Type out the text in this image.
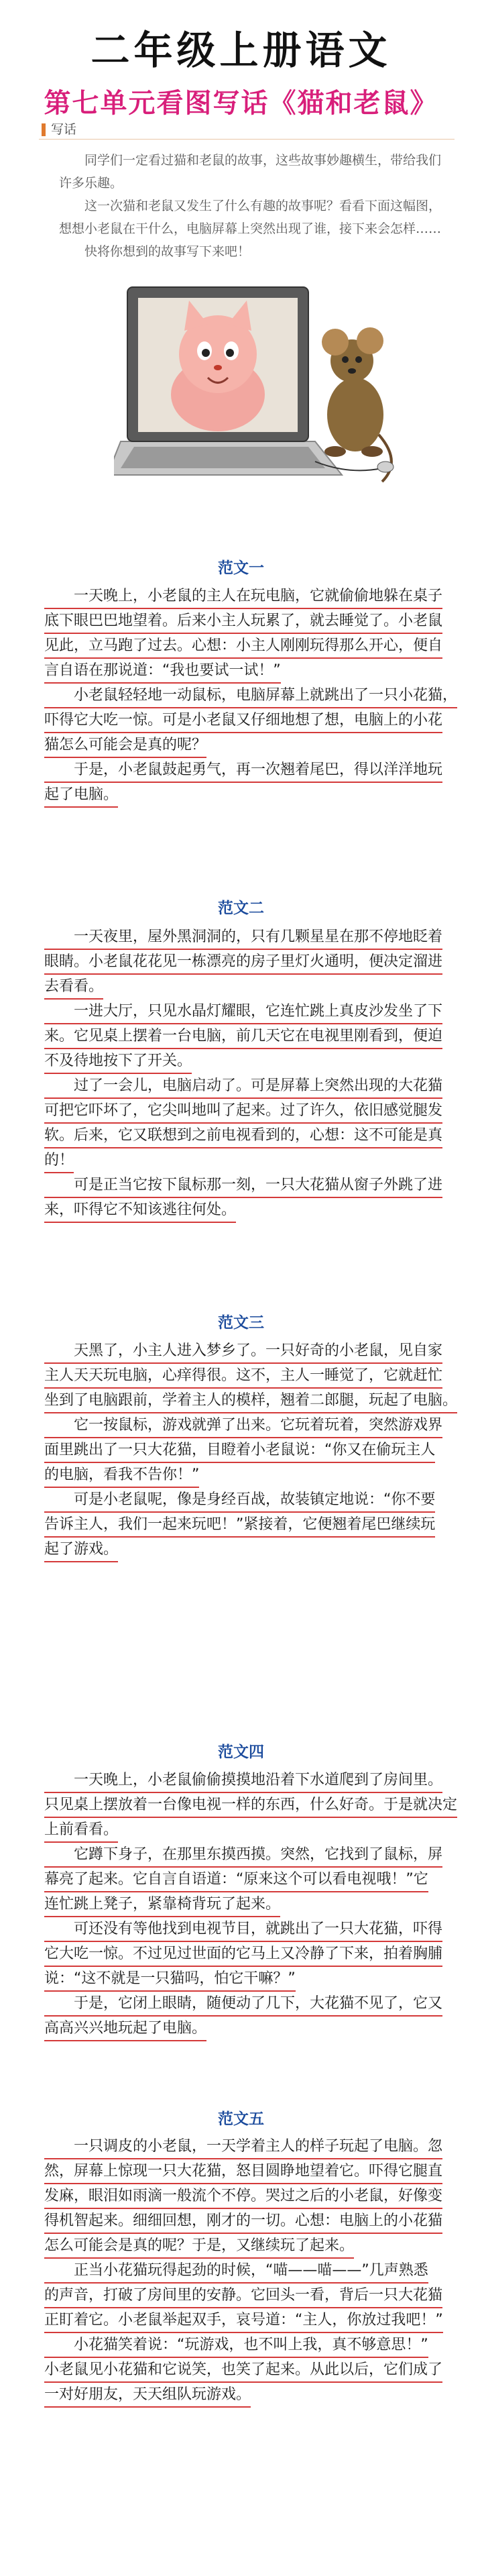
二年级上册语文
第七单元看图写话《猫和老鼠》
写话

同学们一定看过猫和老鼠的故事，这些故事妙趣横生，带给我们许多乐趣。

这一次猫和老鼠又发生了什么有趣的故事呢？看看下面这幅图，想想小老鼠在干什么，电脑屏幕上突然出现了谁，接下来会怎样……

快将你想到的故事写下来吧！

范文一
一天晚上，小老鼠的主人在玩电脑，它就偷偷地躲在桌子
底下眼巴巴地望着。后来小主人玩累了，就去睡觉了。小老鼠
见此，立马跑了过去。心想：小主人刚刚玩得那么开心，便自
言自语在那说道：“我也要试一试！”
小老鼠轻轻地一动鼠标，电脑屏幕上就跳出了一只小花猫，
吓得它大吃一惊。可是小老鼠又仔细地想了想，电脑上的小花
猫怎么可能会是真的呢？
于是，小老鼠鼓起勇气，再一次翘着尾巴，得以洋洋地玩
起了电脑。
范文二
一天夜里，屋外黑洞洞的，只有几颗星星在那不停地眨着
眼睛。小老鼠花花见一栋漂亮的房子里灯火通明，便决定溜进
去看看。
一进大厅，只见水晶灯耀眼，它连忙跳上真皮沙发坐了下
来。它见桌上摆着一台电脑，前几天它在电视里刚看到，便迫
不及待地按下了开关。
过了一会儿，电脑启动了。可是屏幕上突然出现的大花猫
可把它吓坏了，它尖叫地叫了起来。过了许久，依旧感觉腿发
软。后来，它又联想到之前电视看到的，心想：这不可能是真
的！
可是正当它按下鼠标那一刻，一只大花猫从窗子外跳了进
来，吓得它不知该逃往何处。
范文三
天黑了，小主人进入梦乡了。一只好奇的小老鼠，见自家
主人天天玩电脑，心痒得很。这不，主人一睡觉了，它就赶忙
坐到了电脑跟前，学着主人的模样，翘着二郎腿，玩起了电脑。
它一按鼠标，游戏就弹了出来。它玩着玩着，突然游戏界
面里跳出了一只大花猫，目瞪着小老鼠说：“你又在偷玩主人
的电脑，看我不告你！”
可是小老鼠呢，像是身经百战，故装镇定地说：“你不要
告诉主人，我们一起来玩吧！”紧接着，它便翘着尾巴继续玩
起了游戏。
范文四
一天晚上，小老鼠偷偷摸摸地沿着下水道爬到了房间里。
只见桌上摆放着一台像电视一样的东西，什么好奇。于是就决定
上前看看。
它蹲下身子，在那里东摸西摸。突然，它找到了鼠标，屏
幕亮了起来。它自言自语道：“原来这个可以看电视哦！”它
连忙跳上凳子，紧靠椅背玩了起来。
可还没有等他找到电视节目，就跳出了一只大花猫，吓得
它大吃一惊。不过见过世面的它马上又冷静了下来，拍着胸脯
说：“这不就是一只猫吗，怕它干嘛？”
于是，它闭上眼睛，随便动了几下，大花猫不见了，它又
高高兴兴地玩起了电脑。
范文五
一只调皮的小老鼠，一天学着主人的样子玩起了电脑。忽
然，屏幕上惊现一只大花猫，怒目圆睁地望着它。吓得它腿直
发麻，眼泪如雨滴一般流个不停。哭过之后的小老鼠，好像变
得机智起来。细细回想，刚才的一切。心想：电脑上的小花猫
怎么可能会是真的呢？于是，又继续玩了起来。
正当小花猫玩得起劲的时候，“喵——喵——”几声熟悉
的声音，打破了房间里的安静。它回头一看，背后一只大花猫
正盯着它。小老鼠举起双手，哀号道：“主人，你放过我吧！”
小花猫笑着说：“玩游戏，也不叫上我，真不够意思！”
小老鼠见小花猫和它说笑，也笑了起来。从此以后，它们成了
一对好朋友，天天组队玩游戏。
